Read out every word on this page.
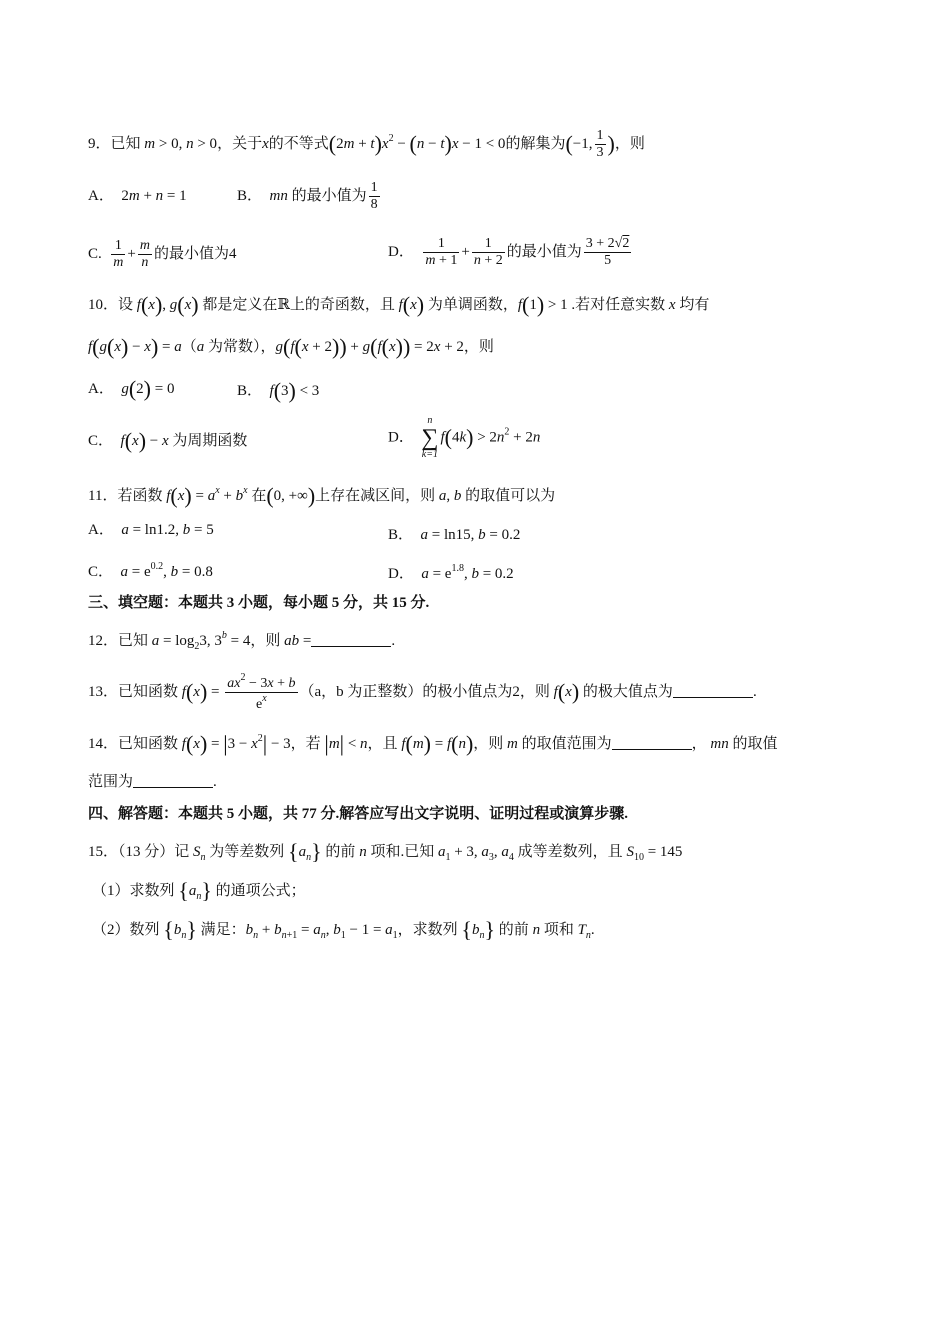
9．已知 m > 0, n > 0，关于x的不等式$(2m + t)x^2 - (n - t)x - 1 < 0$的解集为(−1, $\frac{1}{3}$ )，则
A．  2m + n = 1	B． mn 的最小值为 $\frac{1}{8}$
C. $\frac{1}{m} + \frac{m}{n}$ 的最小值为4	D． $\frac{1}{m + 1} + \frac{1}{n + 2}$ 的最小值为 $\frac{3 + 2√2}{5}$
10．设 f(x), g(x) 都是定义在ℝ上的奇函数，且 f(x) 为单调函数，f(1) > 1 .若对任意实数 x 均有
f(g(x) − x) = a（a 为常数），g(f(x + 2)) + g(f(x)) = 2x + 2，则
A． g(2) = 0	B． f(3) < 3
C． f(x) − x 为周期函数	D．
n
∑
k=1
$f(4k) > 2n^2 + 2n$
11．若函数 $f(x) = a^x + b^x$ 在(0, +∞)上存在减区间，则 a, b 的取值可以为
A． a = ln1.2, b = 5	B． a = ln15, b = 0.2
C． $a = e^{0.2}$, b = 0.8	D． $a = e^{1.8}$, b = 0.2
三、填空题：本题共 3 小题，每小题 5 分，共 15 分.
12．已知 $a = \log_23$, $3^b = 4$，则 ab =	.
13．已知函数 $f(x) = \frac{ax^2 - 3x + b}{e^x} (a$，b 为正整数）的极小值点为2，则 f(x) 的极大值点为	.
14．已知函数 $f(x) = |3 - x^2| - 3$，若 |m| < n，且 f(m) = f(n)，则 m 的取值范围为	， mn 的取值
范围为	.
四、解答题：本题共 5 小题，共 77 分.解答应写出文字说明、证明过程或演算步骤.
15．（13 分）记 $S_n$ 为等差数列 $\{a_n\}$ 的前 n 项和.已知 $a_1 + 3$, $a_3$, $a_4$ 成等差数列，且 $S_{10} = 145$
（1）求数列 $\{a_n\}$ 的通项公式；
（2）数列 $\{b_n\}$ 满足：$b_n + b_{n+1} = a_n$, $b_1 - 1 = a_1$，求数列 $\{b_n\}$ 的前 n 项和 $T_n$.
